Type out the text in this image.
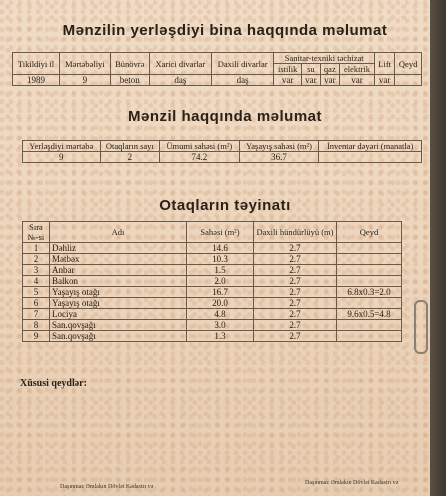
Mənzilin yerləşdiyi bina haqqında məlumat
Tikildiyi il	Mərtəbəliyi	Bünövrə	Xarici divarlar	Daxili divarlar	Sanitar-texniki təchizat				Lift	Qeyd
					istilik	su	qaz	elektrik		
1989	9	beton	daş	daş	var	var	var	var	var	
Mənzil haqqında məlumat
Yerləşdiyi mərtəbə	Otaqların sayı	Ümumi sahəsi (m²)	Yaşayış sahəsi (m²)	İnventar dəyəri (manatla)
9	2	74.2	36.7	
Otaqların təyinatı
Sıra №-si	Adı	Sahəsi (m²)	Daxili hündürlüyü (m)	Qeyd
1	Dəhliz	14.6	2.7	
2	Mətbəx	10.3	2.7	
3	Anbar	1.5	2.7	
4	Balkon	2.0	2.7	
5	Yaşayış otağı	16.7	2.7	6.8x0.3=2.0
6	Yaşayış otağı	20.0	2.7	
7	Lociya	4.8	2.7	9.6x0.5=4.8
8	San.qovşağı	3.0	2.7	
9	San.qovşağı	1.3	2.7	
Xüsusi qeydlər:
Daşınmaz Əmlakın Dövlət Kadastrı və
Daşınmaz Əmlakın Dövlət Kadastrı və
